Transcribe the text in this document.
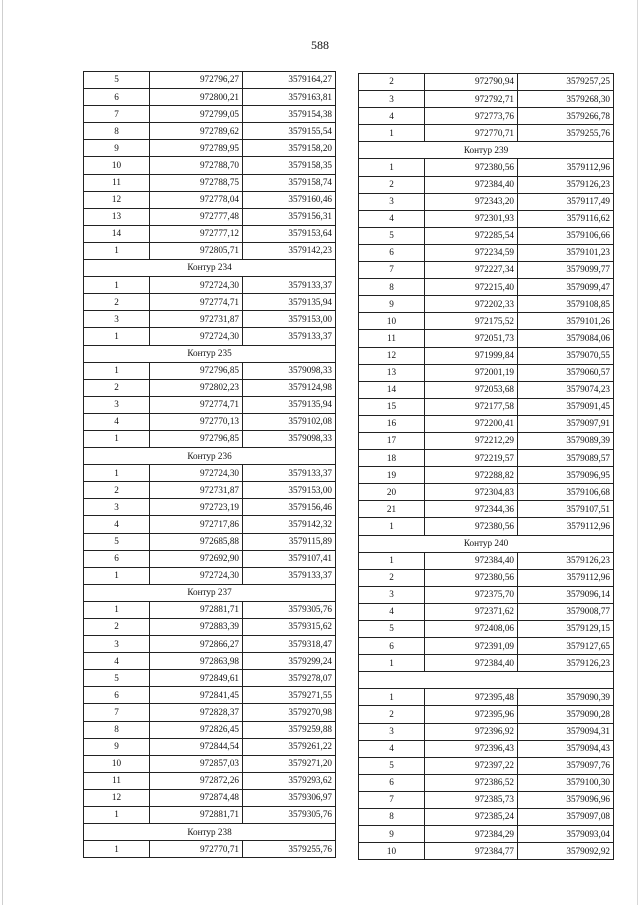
588
5	972796,27	3579164,27
6	972800,21	3579163,81
7	972799,05	3579154,38
8	972789,62	3579155,54
9	972789,95	3579158,20
10	972788,70	3579158,35
11	972788,75	3579158,74
12	972778,04	3579160,46
13	972777,48	3579156,31
14	972777,12	3579153,64
1	972805,71	3579142,23
Контур 234		
1	972724,30	3579133,37
2	972774,71	3579135,94
3	972731,87	3579153,00
1	972724,30	3579133,37
Контур 235		
1	972796,85	3579098,33
2	972802,23	3579124,98
3	972774,71	3579135,94
4	972770,13	3579102,08
1	972796,85	3579098,33
Контур 236		
1	972724,30	3579133,37
2	972731,87	3579153,00
3	972723,19	3579156,46
4	972717,86	3579142,32
5	972685,88	3579115,89
6	972692,90	3579107,41
1	972724,30	3579133,37
Контур 237		
1	972881,71	3579305,76
2	972883,39	3579315,62
3	972866,27	3579318,47
4	972863,98	3579299,24
5	972849,61	3579278,07
6	972841,45	3579271,55
7	972828,37	3579270,98
8	972826,45	3579259,88
9	972844,54	3579261,22
10	972857,03	3579271,20
11	972872,26	3579293,62
12	972874,48	3579306,97
1	972881,71	3579305,76
Контур 238		
1	972770,71	3579255,76
2	972790,94	3579257,25
3	972792,71	3579268,30
4	972773,76	3579266,78
1	972770,71	3579255,76
Контур 239		
1	972380,56	3579112,96
2	972384,40	3579126,23
3	972343,20	3579117,49
4	972301,93	3579116,62
5	972285,54	3579106,66
6	972234,59	3579101,23
7	972227,34	3579099,77
8	972215,40	3579099,47
9	972202,33	3579108,85
10	972175,52	3579101,26
11	972051,73	3579084,06
12	971999,84	3579070,55
13	972001,19	3579060,57
14	972053,68	3579074,23
15	972177,58	3579091,45
16	972200,41	3579097,91
17	972212,29	3579089,39
18	972219,57	3579089,57
19	972288,82	3579096,95
20	972304,83	3579106,68
21	972344,36	3579107,51
1	972380,56	3579112,96
Контур 240		
1	972384,40	3579126,23
2	972380,56	3579112,96
3	972375,70	3579096,14
4	972371,62	3579008,77
5	972408,06	3579129,15
6	972391,09	3579127,65
1	972384,40	3579126,23

1	972395,48	3579090,39
2	972395,96	3579090,28
3	972396,92	3579094,31
4	972396,43	3579094,43
5	972397,22	3579097,76
6	972386,52	3579100,30
7	972385,73	3579096,96
8	972385,24	3579097,08
9	972384,29	3579093,04
10	972384,77	3579092,92
